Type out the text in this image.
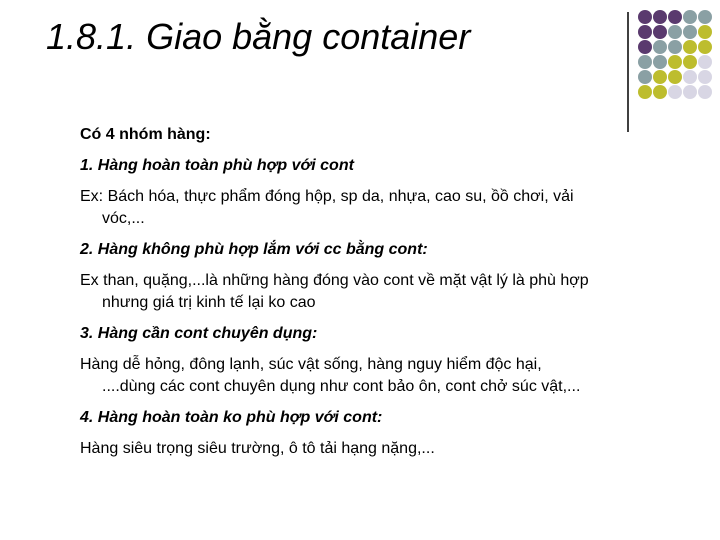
1.8.1. Giao bằng container
Có 4 nhóm hàng:
1. Hàng hoàn toàn phù hợp với cont
Ex: Bách hóa, thực phẩm đóng hộp, sp da, nhựa, cao su, ồồ chơi, vải
vóc,...
2. Hàng không phù hợp lắm với cc bằng cont:
Ex than, quặng,...là những hàng đóng vào cont về mặt vật lý là phù hợp
nhưng giá trị kinh tế lại ko cao
3. Hàng cần cont chuyên dụng:
Hàng dễ hỏng, đông lạnh, súc vật sống, hàng nguy hiểm độc hại,
....dùng các cont chuyên dụng như cont bảo ôn, cont chở súc vật,...
4. Hàng hoàn toàn ko phù hợp với cont:
Hàng siêu trọng siêu trường, ô tô tải hạng nặng,...
